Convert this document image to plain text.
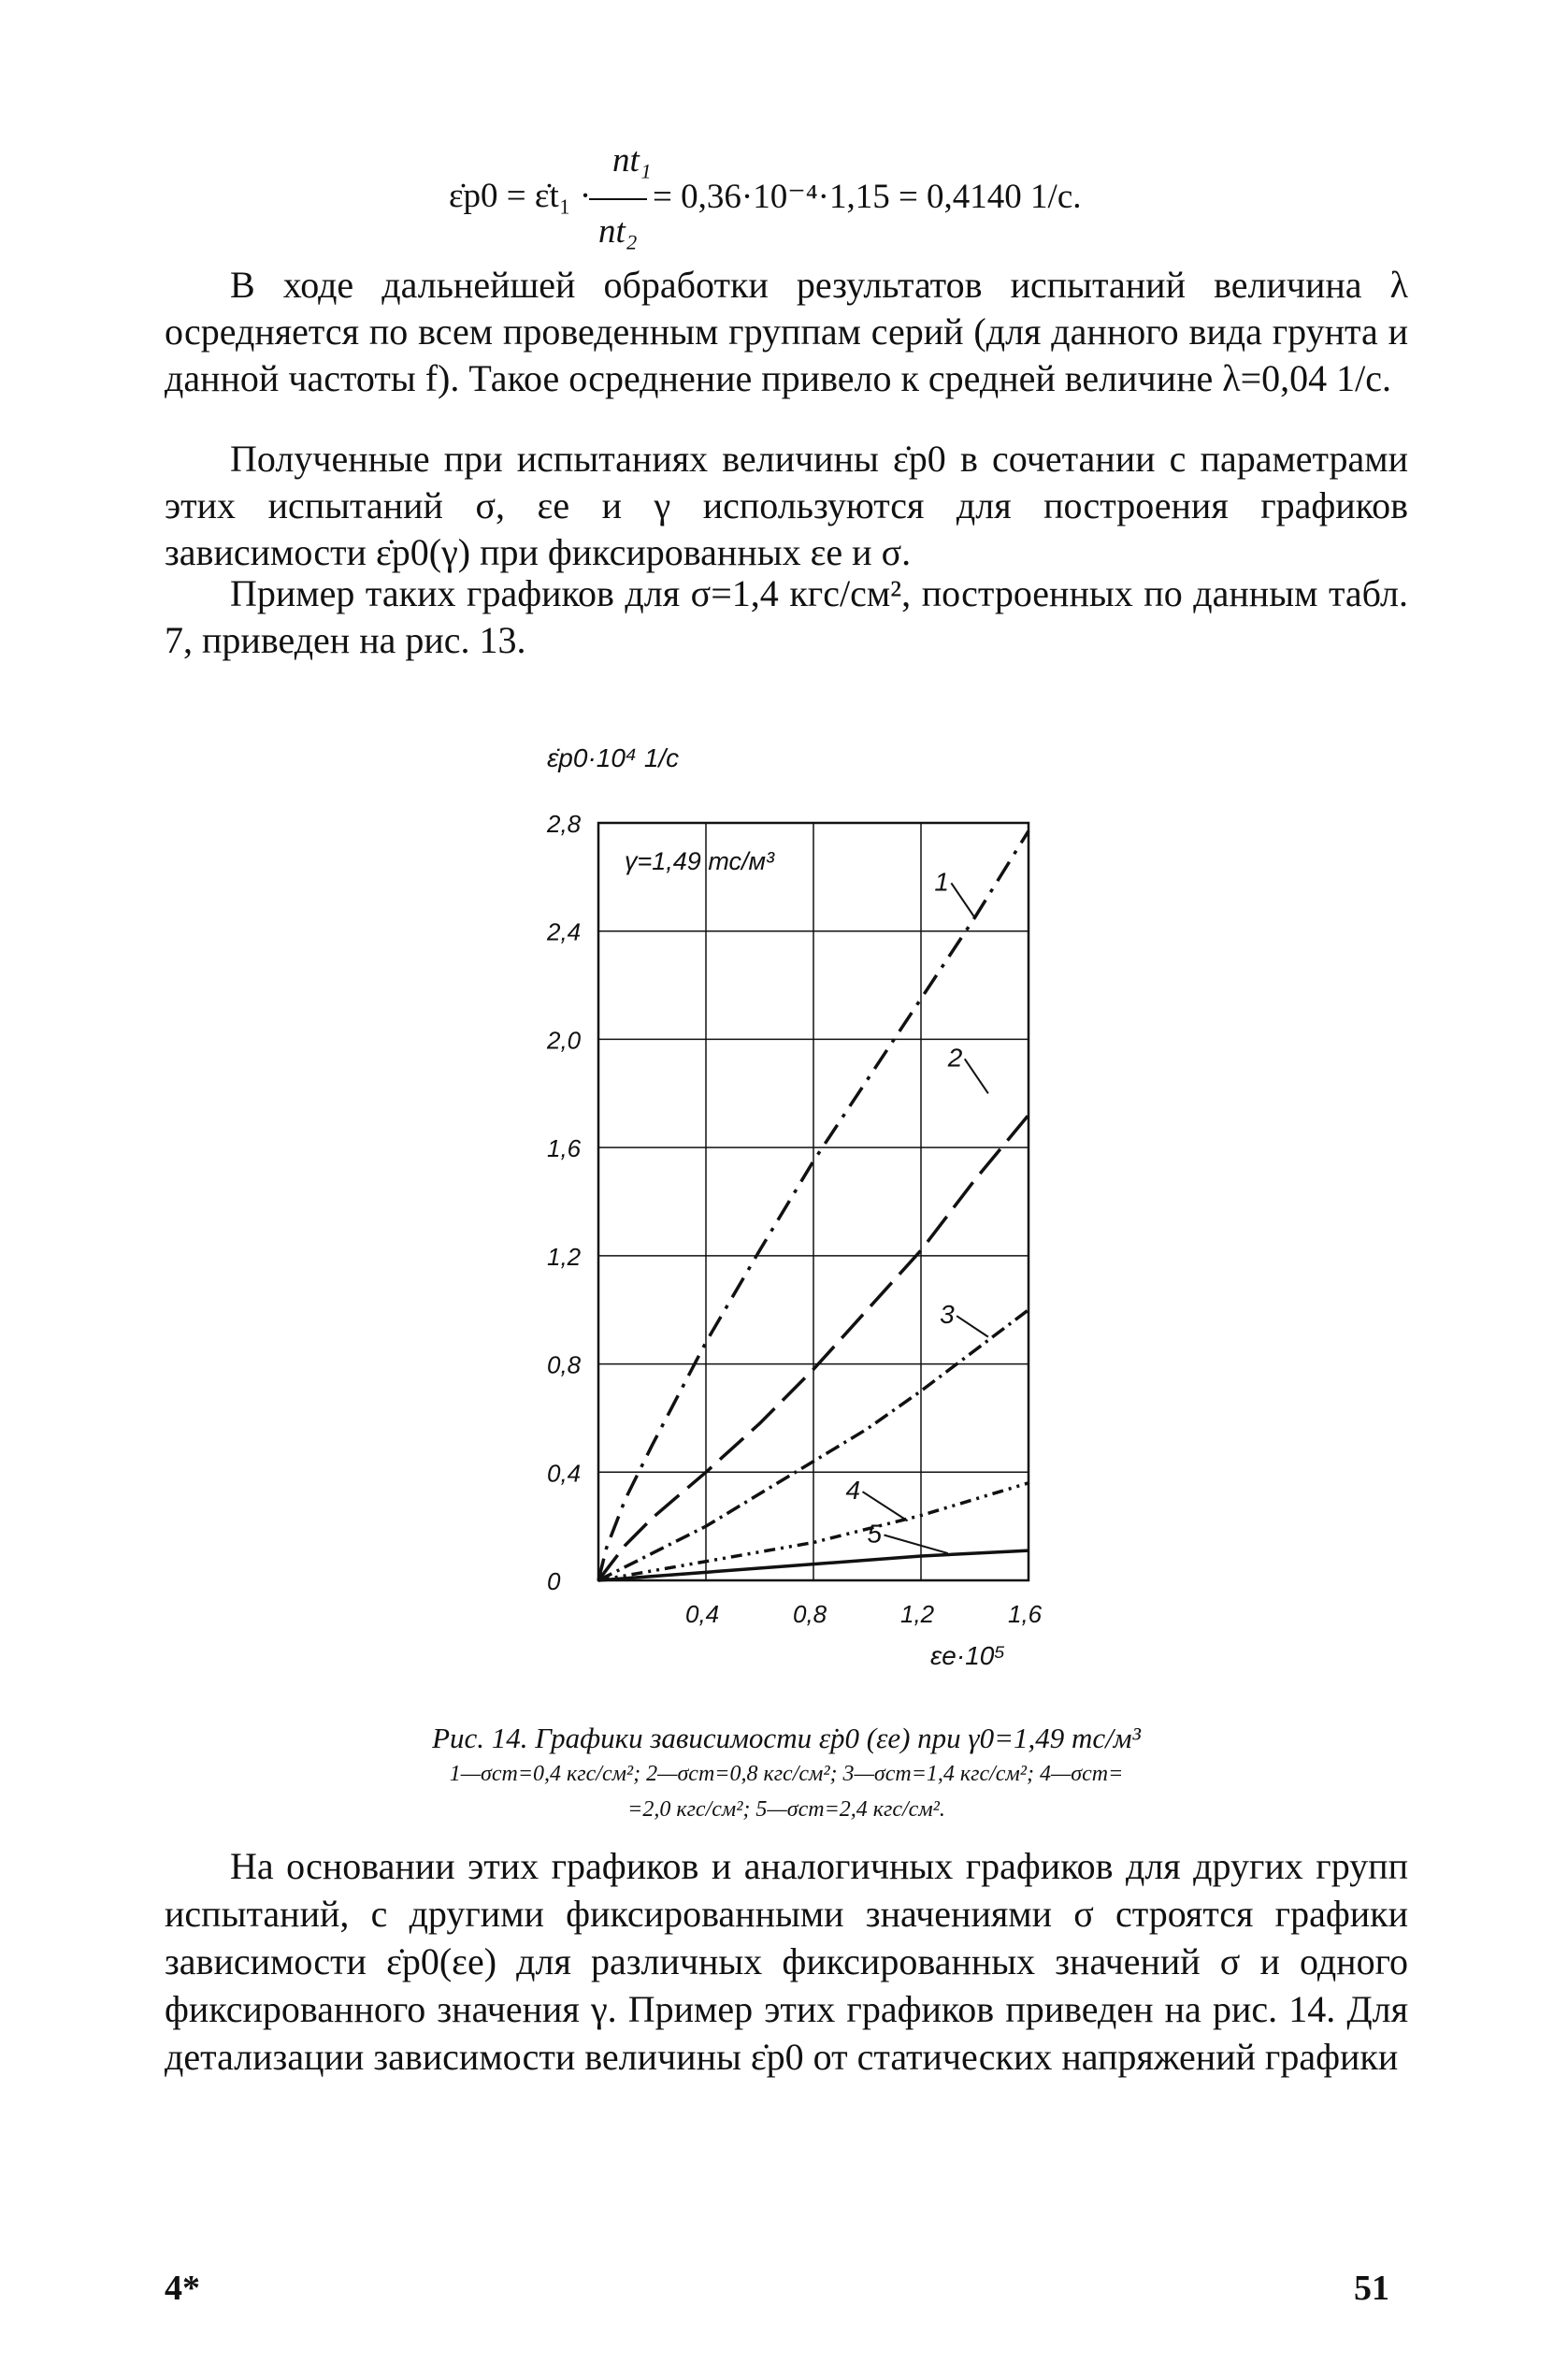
ε̇p0 = ε̇t₁ ·
nt₁
nt₂
= 0,36·10⁻⁴·1,15 = 0,4140 1/с.

В ходе дальнейшей обработки результатов испытаний величина λ осредняется по всем проведенным группам серий (для данного вида грунта и данной частоты f). Такое осреднение привело к средней величине λ=0,04 1/с.

Полученные при испытаниях величины ε̇p0 в сочетании с параметрами этих испытаний σ, εe и γ используются для построения графиков зависимости ε̇p0(γ) при фиксированных εe и σ.

Пример таких графиков для σ=1,4 кгс/см², построенных по данным табл. 7, приведен на рис. 13.

0
0,4
0,8
1,2
1,6
2,0
2,4
2,8
0,4	0,8	1,2	1,6
1
2
3
4
5
ε̇p0·10⁴ 1/с
εe·10⁵
γ=1,49 тс/м³
Рис. 14. Графики зависимости ε̇p0 (εe) при γ0=1,49 тс/м³
1—σст=0,4 кгс/см²; 2—σст=0,8 кгс/см²; 3—σст=1,4 кгс/см²; 4—σст=
=2,0 кгс/см²; 5—σст=2,4 кгс/см².

На основании этих графиков и аналогичных графиков для других групп испытаний, с другими фиксированными значениями σ строятся графики зависимости ε̇p0(εe) для различных фиксированных значений σ и одного фиксированного значения γ. Пример этих графиков приведен на рис. 14. Для детализации зависимости величины ε̇p0 от статических напряжений графики

4*	51
